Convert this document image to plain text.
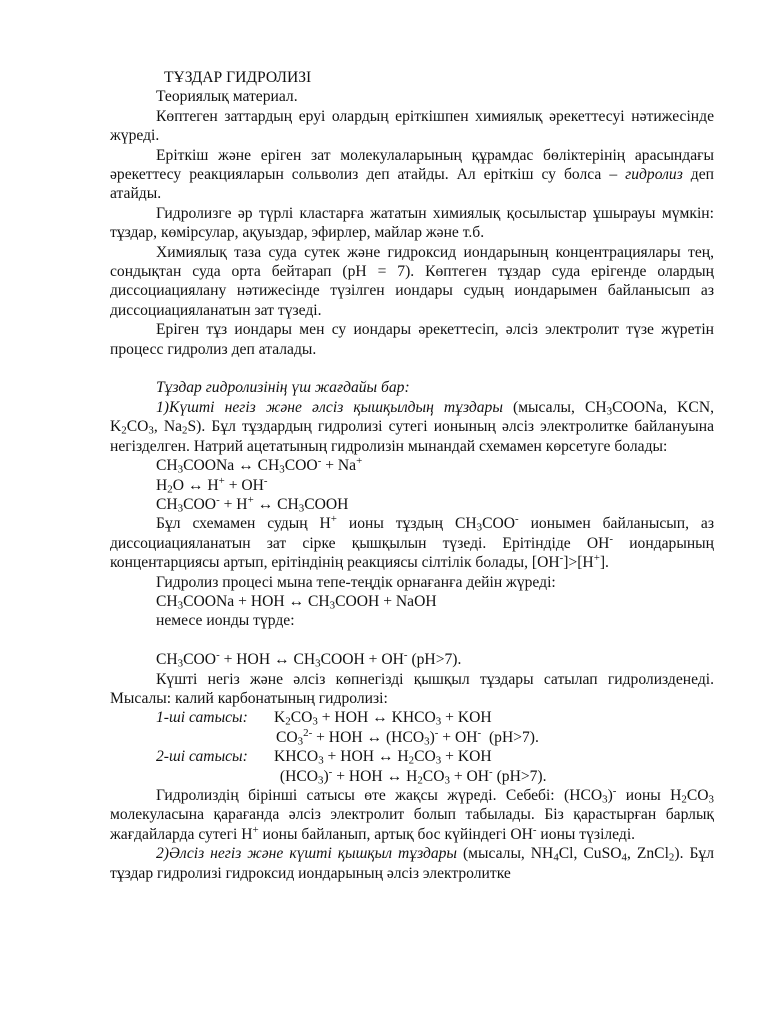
ТҰЗДАР ГИДРОЛИЗІ

Теориялық материал.

Көптеген заттардың еруі олардың еріткішпен химиялық әрекеттесуі нәтижесінде жүреді.

Еріткіш және еріген зат молекулаларының құрамдас бөліктерінің арасындағы әрекеттесу реакцияларын сольволиз деп атайды. Ал еріткіш су болса – гидролиз деп атайды.

Гидролизге әр түрлі кластарға жататын химиялық қосылыстар ұшырауы мүмкін: тұздар, көмірсулар, ақуыздар, эфирлер, майлар және т.б.

Химиялық таза суда сутек және гидроксид иондарының концентрациялары тең, сондықтан суда орта бейтарап (рН = 7). Көптеген тұздар суда ерігенде олардың диссоциациялану нәтижесінде түзілген иондары судың иондарымен байланысып аз диссоциацияланатын зат түзеді.

Еріген тұз иондары мен су иондары әрекеттесіп, әлсіз электролит түзе жүретін процесс гидролиз деп аталады.

Тұздар гидролизінің үш жағдайы бар:

1)Күшті негіз және әлсіз қышқылдың тұздары (мысалы, $CH_3COONa$, KCN, $K_2CO_3$, $Na_2S$). Бұл тұздардың гидролизі сутегі ионының әлсіз электролитке байлануына негізделген. Натрий ацетатының гидролизін мынандай схемамен көрсетуге болады:

$CH_3COONa$ ↔ $CH_3COO^- + Na^+$

$H_2O$ ↔ H+ + OH-

$CH_3COO^- + H^+$ ↔ $CH_3COOH$

Бұл схемамен судың Н+ ионы тұздың $CH_3COO^-$ ионымен байланысып, аз диссоциацияланатын зат сірке қышқылын түзеді. Ерітіндіде ОН- иондарының концентарциясы артып, ерітіндінің реакциясы сілтілік болады, [OH-]>[H+].

Гидролиз процесі мына тепе-теңдік орнағанға дейін жүреді:

$CH_3COONa$ + HOH ↔ $CH_3COOH$ + NaOH

немесе ионды түрде:

$CH_3COO^-$ + HOH ↔ $CH_3COOH + OH^-$ (pH>7).

Күшті негіз және әлсіз көпнегізді қышқыл тұздары сатылап гидролизденеді. Мысалы: калий карбонатының гидролизі:

1-ші сатысы: $K_2CO_3$ + HOH ↔ $KHCO_3$ + KOH

$CO_3^{2-}$ + HOH ↔ $(HCO_3)^- + OH^-$  (pH>7).

2-ші сатысы: $KHCO_3$ + HOH ↔ $H_2CO_3$ + KOH

$(HCO_3)^-$ + HOH ↔ $H_2CO_3 + OH^-$ (pH>7).

Гидролиздің бірінші сатысы өте жақсы жүреді. Себебі: $(НСО_3)^-$ ионы $Н_2СО_3$ молекуласына қарағанда әлсіз электролит болып табылады. Біз қарастырған барлық жағдайларда сутегі Н+ ионы байланып, артық бос күйіндегі ОН- ионы түзіледі.

2)Әлсіз негіз және күшті қышқыл тұздары (мысалы, $NH_4Cl$, CuSO$_4$, ZnCl$_2$). Бұл тұздар гидролизі гидроксид иондарының әлсіз электролитке
